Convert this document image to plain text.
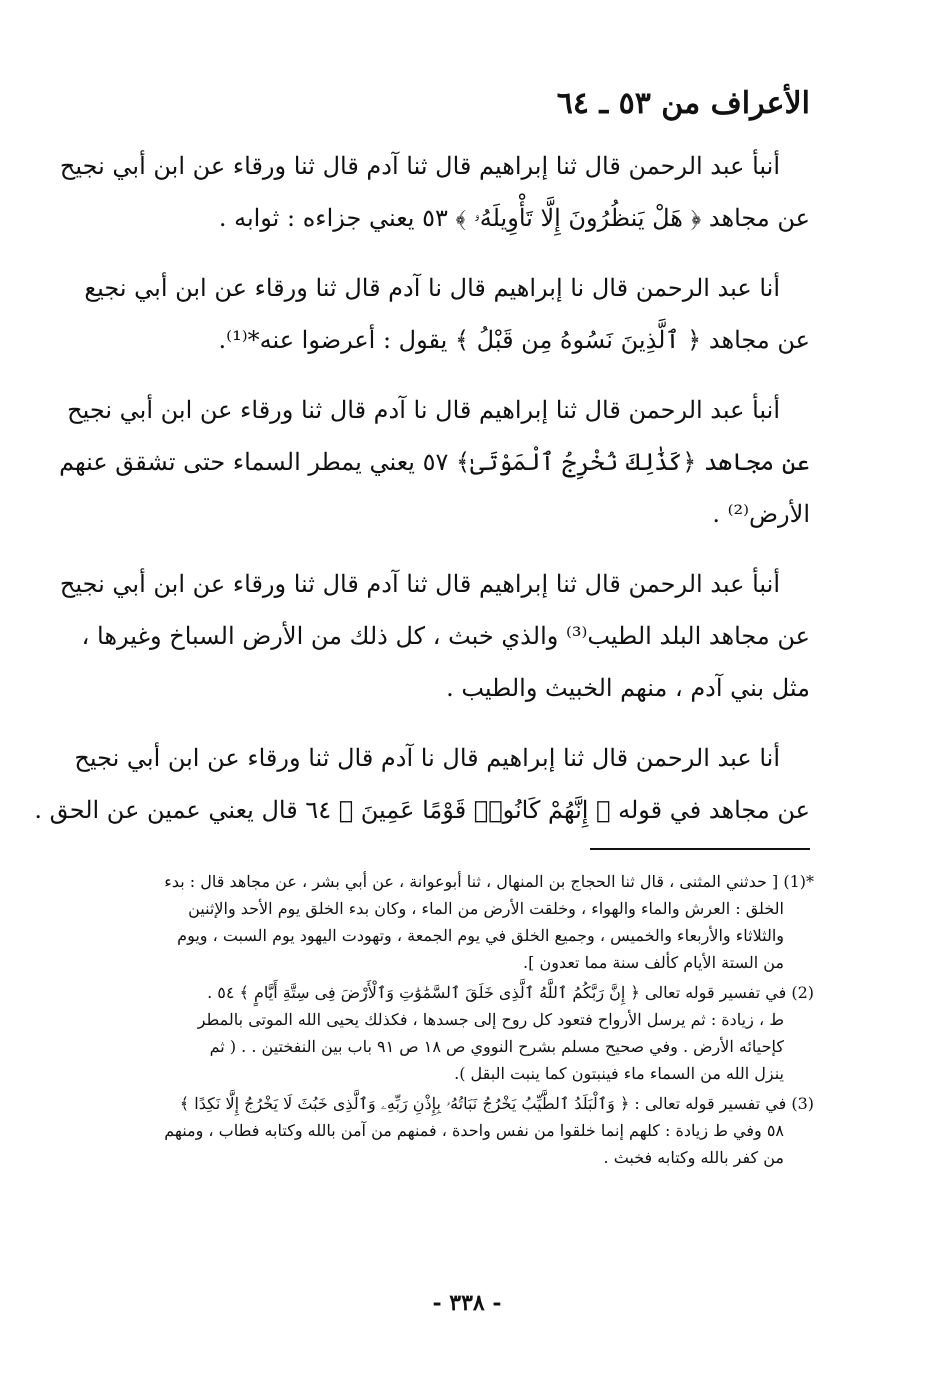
الأعراف من ٥٣ ـ ٦٤
أنبأ عبد الرحمن قال ثنا إبراهيم قال ثنا آدم قال ثنا ورقاء عن ابن أبي نجيح
عن مجاهد ﴿ هَلْ يَنظُرُونَ إِلَّا تَأْوِيلَهُۥ ﴾ ٥٣ يعني جزاءه : ثوابه .
أنا عبد الرحمن قال نا إبراهيم قال نا آدم قال ثنا ورقاء عن ابن أبي نجيع
عن مجاهد ﴿ ٱلَّذِينَ نَسُوهُ مِن قَبْلُ ﴾ يقول : أعرضوا عنه*⁽¹⁾.
أنبأ عبد الرحمن قال ثنا إبراهيم قال نا آدم قال ثنا ورقاء عن ابن أبي نجيح
عن مجاهد ﴿كَذَٰلِكَ نُخْرِجُ ٱلْمَوْتَىٰ﴾ ٥٧ يعني يمطر السماء حتى تشقق عنهم
الأرض⁽²⁾ .
أنبأ عبد الرحمن قال ثنا إبراهيم قال ثنا آدم قال ثنا ورقاء عن ابن أبي نجيح
عن مجاهد البلد الطيب⁽³⁾ والذي خبث ، كل ذلك من الأرض السباخ وغيرها ،
مثل بني آدم ، منهم الخبيث والطيب .
أنا عبد الرحمن قال ثنا إبراهيم قال نا آدم قال ثنا ورقاء عن ابن أبي نجيح
عن مجاهد في قوله ﴿ إِنَّهُمْ كَانُوا۟ قَوْمًا عَمِينَ ﴾ ٦٤ قال يعني عمين عن الحق .
*(1) [ حدثني المثنى ، قال ثنا الحجاج بن المنهال ، ثنا أبوعوانة ، عن أبي بشر ، عن مجاهد قال : بدء
الخلق : العرش والماء والهواء ، وخلقت الأرض من الماء ، وكان بدء الخلق يوم الأحد والإثنين
والثلاثاء والأربعاء والخميس ، وجميع الخلق في يوم الجمعة ، وتهودت اليهود يوم السبت ، ويوم
من الستة الأيام كألف سنة مما تعدون ].
(2) في تفسير قوله تعالى ﴿ إِنَّ رَبَّكُمُ ٱللَّهُ ٱلَّذِى خَلَقَ ٱلسَّمَٰوَٰتِ وَٱلْأَرْضَ فِى سِتَّةِ أَيَّامٍ ﴾ ٥٤ .
ط ، زيادة : ثم يرسل الأرواح فتعود كل روح إلى جسدها ، فكذلك يحيى الله الموتى بالمطر
كإحيائه الأرض . وفي صحيح مسلم بشرح النووي ص ١٨ ص ٩١ باب بين النفختين . . ( ثم
ينزل الله من السماء ماء فينبتون كما ينبت البقل ).
(3) في تفسير قوله تعالى : ﴿ وَٱلْبَلَدُ ٱلطَّيِّبُ يَخْرُجُ نَبَاتُهُۥ بِإِذْنِ رَبِّهِۦ وَٱلَّذِى خَبُثَ لَا يَخْرُجُ إِلَّا نَكِدًا ﴾
٥٨ وفي ط زيادة : كلهم إنما خلقوا من نفس واحدة ، فمنهم من آمن بالله وكتابه فطاب ، ومنهم
من كفر بالله وكتابه فخبث .
- ٣٣٨ -
